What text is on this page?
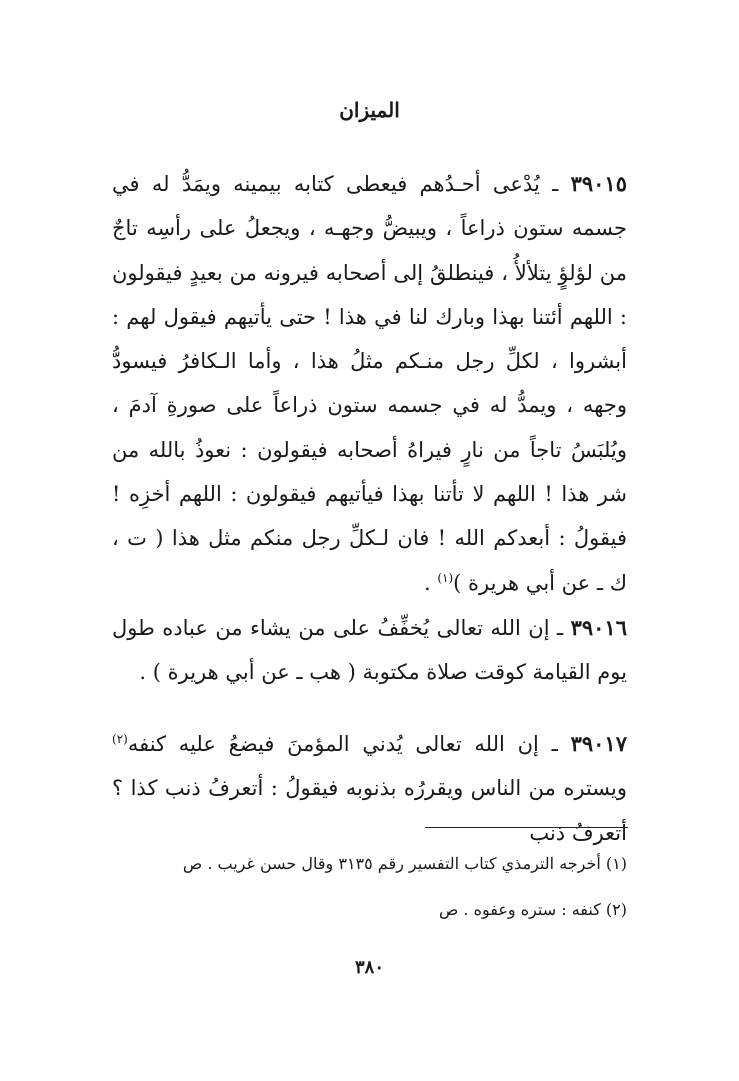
الميزان

٣٩٠١٥ ـ يُدْعى أحـدُهم فيعطى كتابه بيمينه ويمَدُّ له في جسمه ستون ذراعاً ، ويبيضُّ وجهـه ، ويجعلُ على رأسِه تاجٌ من لؤلؤٍ يتلألأُ ، فينطلقُ إلى أصحابه فيرونه من بعيدٍ فيقولون : اللهم أئتنا بهذا وبارك لنا في هذا ! حتى يأتيهم فيقول لهم : أبشروا ، لكلِّ رجل منـكم مثلُ هذا ، وأما الـكافرُ فيسودُّ وجهه ، ويمدُّ له في جسمه ستون ذراعاً على صورةِ آدمَ ، ويُلبَسُ تاجاً من نارٍ فيراهُ أصحابه فيقولون : نعوذُ بالله من شر هذا ! اللهم لا تأتنا بهذا فيأتيهم فيقولون : اللهم أخزِه ! فيقولُ : أبعدكم الله ! فان لـكلِّ رجل منكم مثل هذا ( ت ، ك ـ عن أبي هريرة )$^{(١)}$ .

٣٩٠١٦ ـ إن الله تعالى يُخفِّفُ على من يشاء من عباده طول يوم القيامة كوقت صلاة مكتوبة ( هب ـ عن أبي هريرة ) .

٣٩٠١٧ ـ إن الله تعالى يُدني المؤمنَ فيضعُ عليه كنفه$^{(٢)}$ ويستره من الناس ويقررُه بذنوبه فيقولُ : أتعرفُ ذنب كذا ؟ أتعرفُ ذنب

(١) أخرجه الترمذي كتاب التفسير رقم ٣١٣٥ وقال حسن غريب . ص

(٢) كنفه : ستره وعفوه . ص

٣٨٠
